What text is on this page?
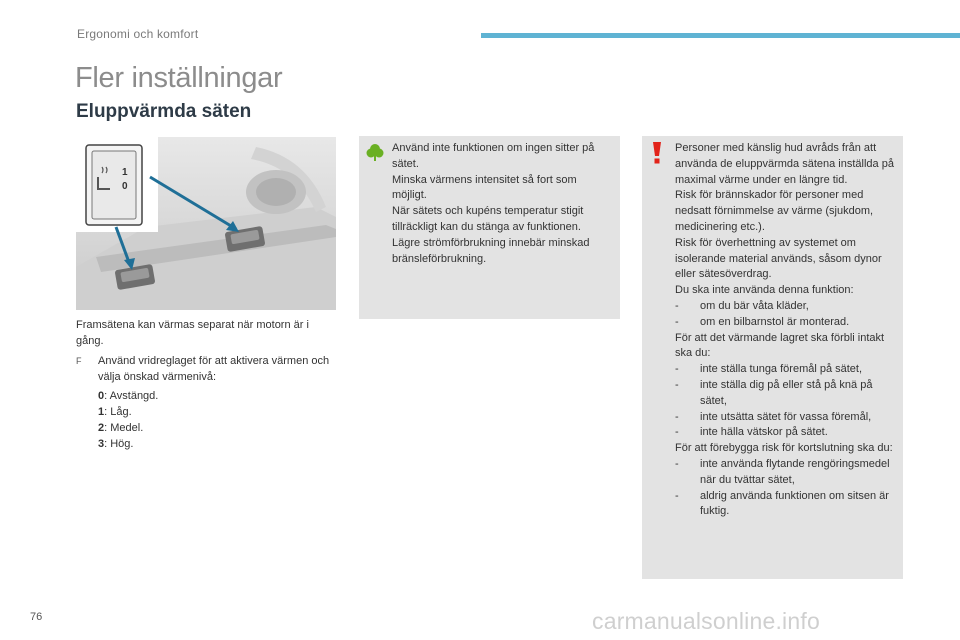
Ergonomi och komfort
Fler inställningar
Eluppvärmda säten
1
0
Framsätena kan värmas separat när motorn är i gång.
F Använd vridreglaget för att aktivera värmen och välja önskad värmenivå:
0: Avstängd.
1: Låg.
2: Medel.
3: Hög.

Använd inte funktionen om ingen sitter på sätet.

Minska värmens intensitet så fort som möjligt.

När sätets och kupéns temperatur stigit tillräckligt kan du stänga av funktionen.

Lägre strömförbrukning innebär minskad bränsleförbrukning.

Personer med känslig hud avråds från att använda de eluppvärmda sätena inställda på maximal värme under en längre tid.

Risk för brännskador för personer med nedsatt förnimmelse av värme (sjukdom, medicinering etc.).

Risk för överhettning av systemet om isolerande material används, såsom dynor eller sätesöverdrag.

Du ska inte använda denna funktion:

- om du bär våta kläder,
- om en bilbarnstol är monterad.

För att det värmande lagret ska förbli intakt ska du:

- inte ställa tunga föremål på sätet,
- inte ställa dig på eller stå på knä på sätet,
- inte utsätta sätet för vassa föremål,
- inte hälla vätskor på sätet.

För att förebygga risk för kortslutning ska du:

- inte använda flytande rengöringsmedel när du tvättar sätet,
- aldrig använda funktionen om sitsen är fuktig.
76	carmanualsonline.info
